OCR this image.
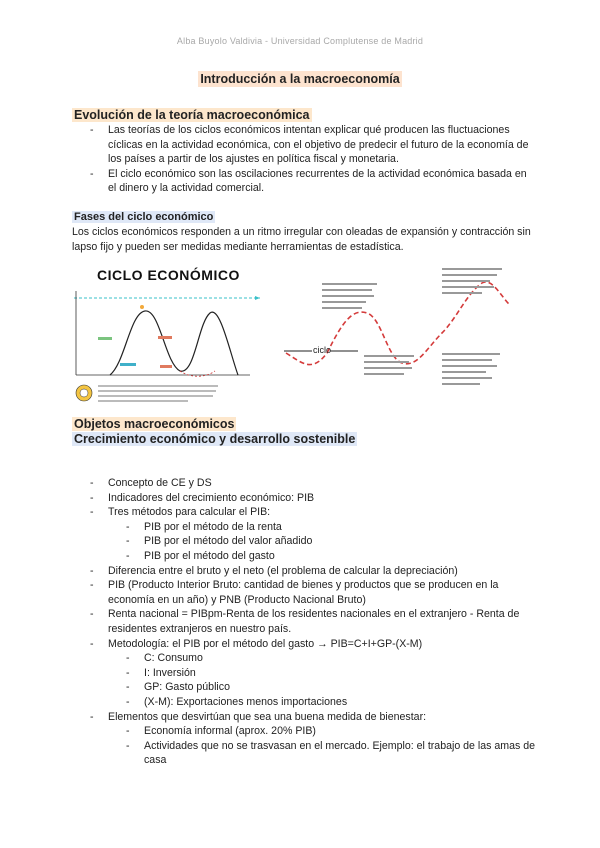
Alba Buyolo Valdivia - Universidad Complutense de Madrid
Introducción a la macroeconomía
Evolución de la teoría macroeconómica
- Las teorías de los ciclos económicos intentan explicar qué producen las fluctuaciones cíclicas en la actividad económica, con el objetivo de predecir el futuro de la economía de los países a partir de los ajustes en política fiscal y monetaria.
- El ciclo económico son las oscilaciones recurrentes de la actividad económica basada en el dinero y la actividad comercial.
Fases del ciclo económico
Los ciclos económicos responden a un ritmo irregular con oleadas de expansión y contracción sin lapso fijo y pueden ser medidas mediante herramientas de estadística.
CICLO ECONÓMICO
ciclo
Objetos macroeconómicos
Crecimiento económico y desarrollo sostenible
- Concepto de CE y DS
- Indicadores del crecimiento económico: PIB
- Tres métodos para calcular el PIB:
- PIB por el método de la renta
- PIB por el método del valor añadido
- PIB por el método del gasto
- Diferencia entre el bruto y el neto (el problema de calcular la depreciación)
- PIB (Producto Interior Bruto: cantidad de bienes y productos que se producen en la economía en un año) y PNB (Producto Nacional Bruto)
- Renta nacional = PIBpm-Renta de los residentes nacionales en el extranjero - Renta de residentes extranjeros en nuestro país.
- Metodología: el PIB por el método del gasto → PIB=C+I+GP-(X-M)
- C: Consumo
- I: Inversión
- GP: Gasto público
- (X-M): Exportaciones menos importaciones
- Elementos que desvirtúan que sea una buena medida de bienestar:
- Economía informal (aprox. 20% PIB)
- Actividades que no se trasvasan en el mercado. Ejemplo: el trabajo de las amas de casa
